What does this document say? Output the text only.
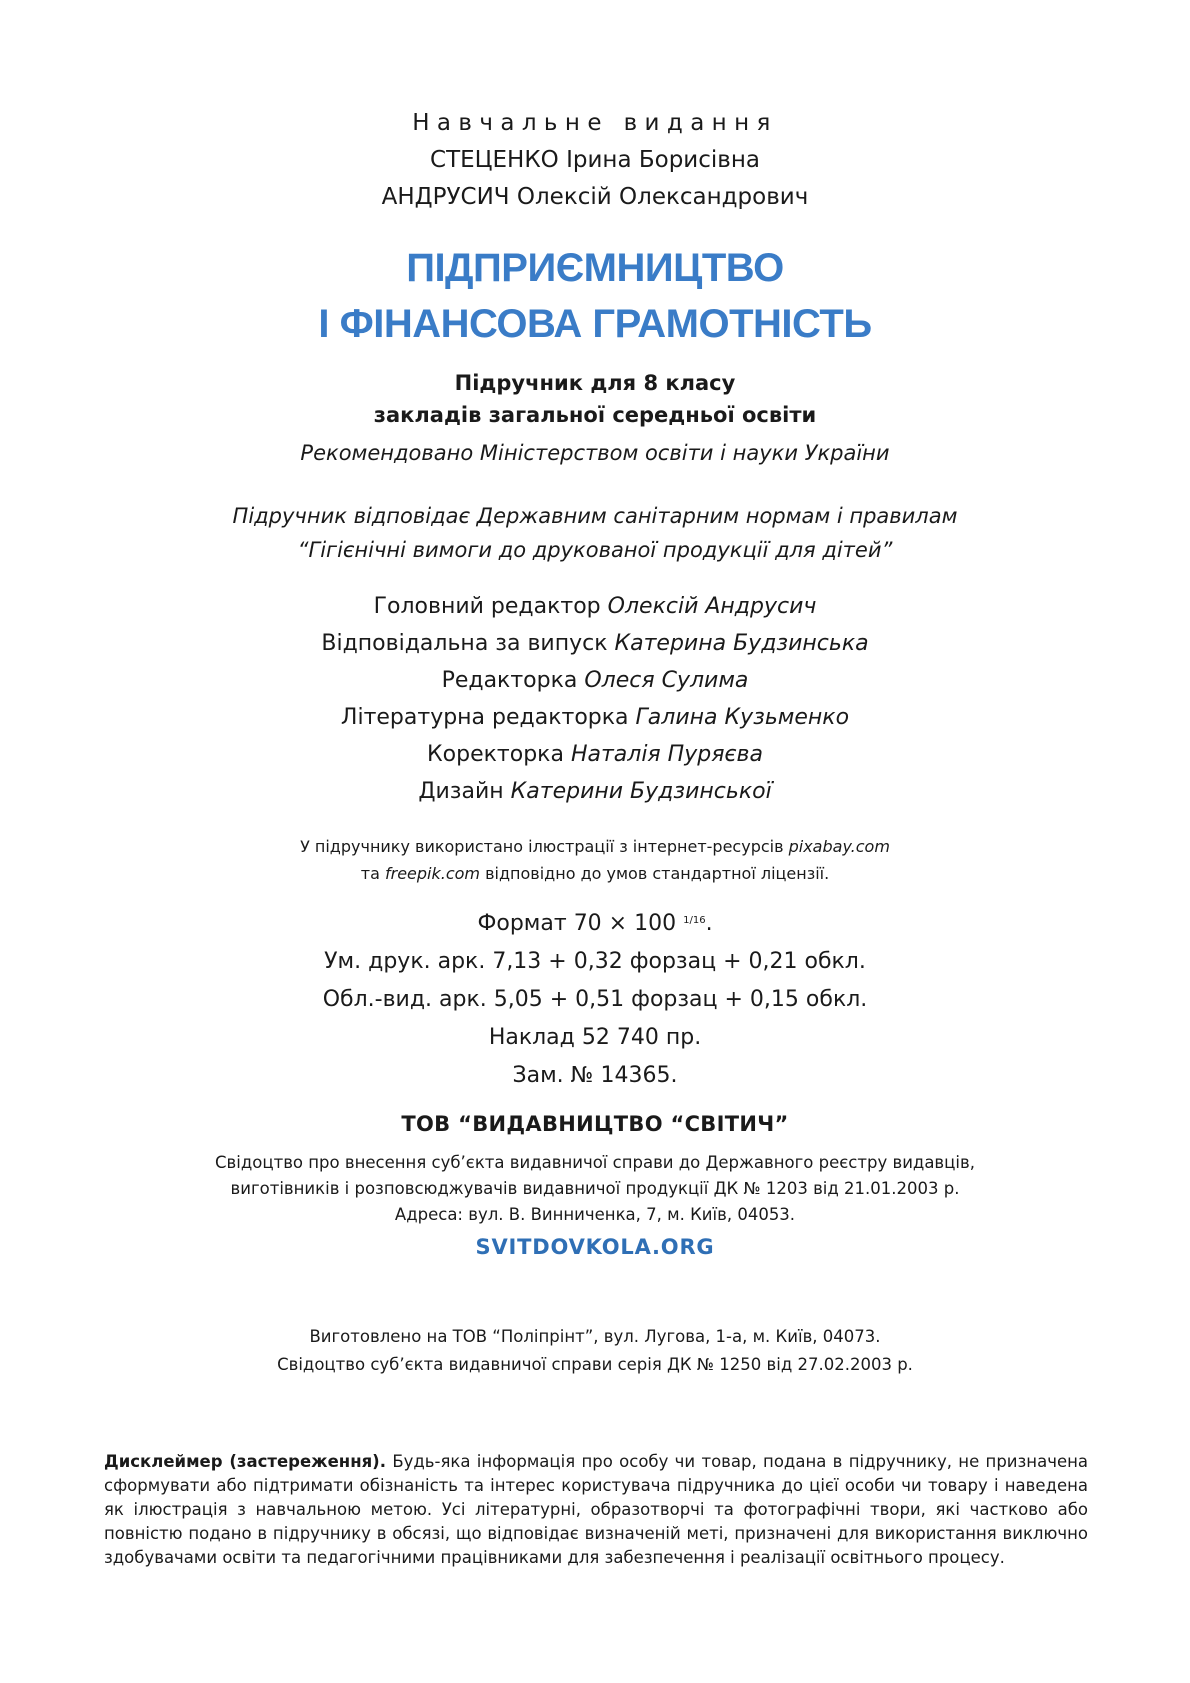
Навчальне видання
СТЕЦЕНКО Ірина Борисівна
АНДРУСИЧ Олексій Олександрович
ПІДПРИЄМНИЦТВО
І ФІНАНСОВА ГРАМОТНІСТЬ
Підручник для 8 класу
закладів загальної середньої освіти
Рекомендовано Міністерством освіти і науки України
Підручник відповідає Державним санітарним нормам і правилам
“Гігієнічні вимоги до друкованої продукції для дітей”
Головний редактор Олексій Андрусич
Відповідальна за випуск Катерина Будзинська
Редакторка Олеся Сулима
Літературна редакторка Галина Кузьменко
Коректорка Наталія Пуряєва
Дизайн Катерини Будзинської
У підручнику використано ілюстрації з інтернет-ресурсів pixabay.com
та freepik.com відповідно до умов стандартної ліцензії.
Формат 70 × 100 $^{1/16}$.
Ум. друк. арк. 7,13 + 0,32 форзац + 0,21 обкл.
Обл.-вид. арк. 5,05 + 0,51 форзац + 0,15 обкл.
Наклад 52 740 пр.
Зам. № 14365.
ТОВ “ВИДАВНИЦТВО “СВІТИЧ”
Свідоцтво про внесення суб’єкта видавничої справи до Державного реєстру видавців,
виготівників і розповсюджувачів видавничої продукції ДК № 1203 від 21.01.2003 р.
Адреса: вул. В. Винниченка, 7, м. Київ, 04053.
SVITDOVKOLA.ORG
Виготовлено на ТОВ “Поліпрінт”, вул. Лугова, 1-а, м. Київ, 04073.
Свідоцтво суб’єкта видавничої справи серія ДК № 1250 від 27.02.2003 р.
Дисклеймер (застереження). Будь-яка інформація про особу чи товар, подана в підручнику, не призначена сформувати або підтримати обізнаність та інтерес користувача підручника до цієї особи чи товару і наведена як ілюстрація з навчальною метою. Усі літературні, образотворчі та фотографічні твори, які частково або повністю подано в підручнику в обсязі, що відповідає визначеній меті, призначені для використання виключно здобувачами освіти та педагогічними працівниками для забезпечення і реалізації освітнього процесу.
